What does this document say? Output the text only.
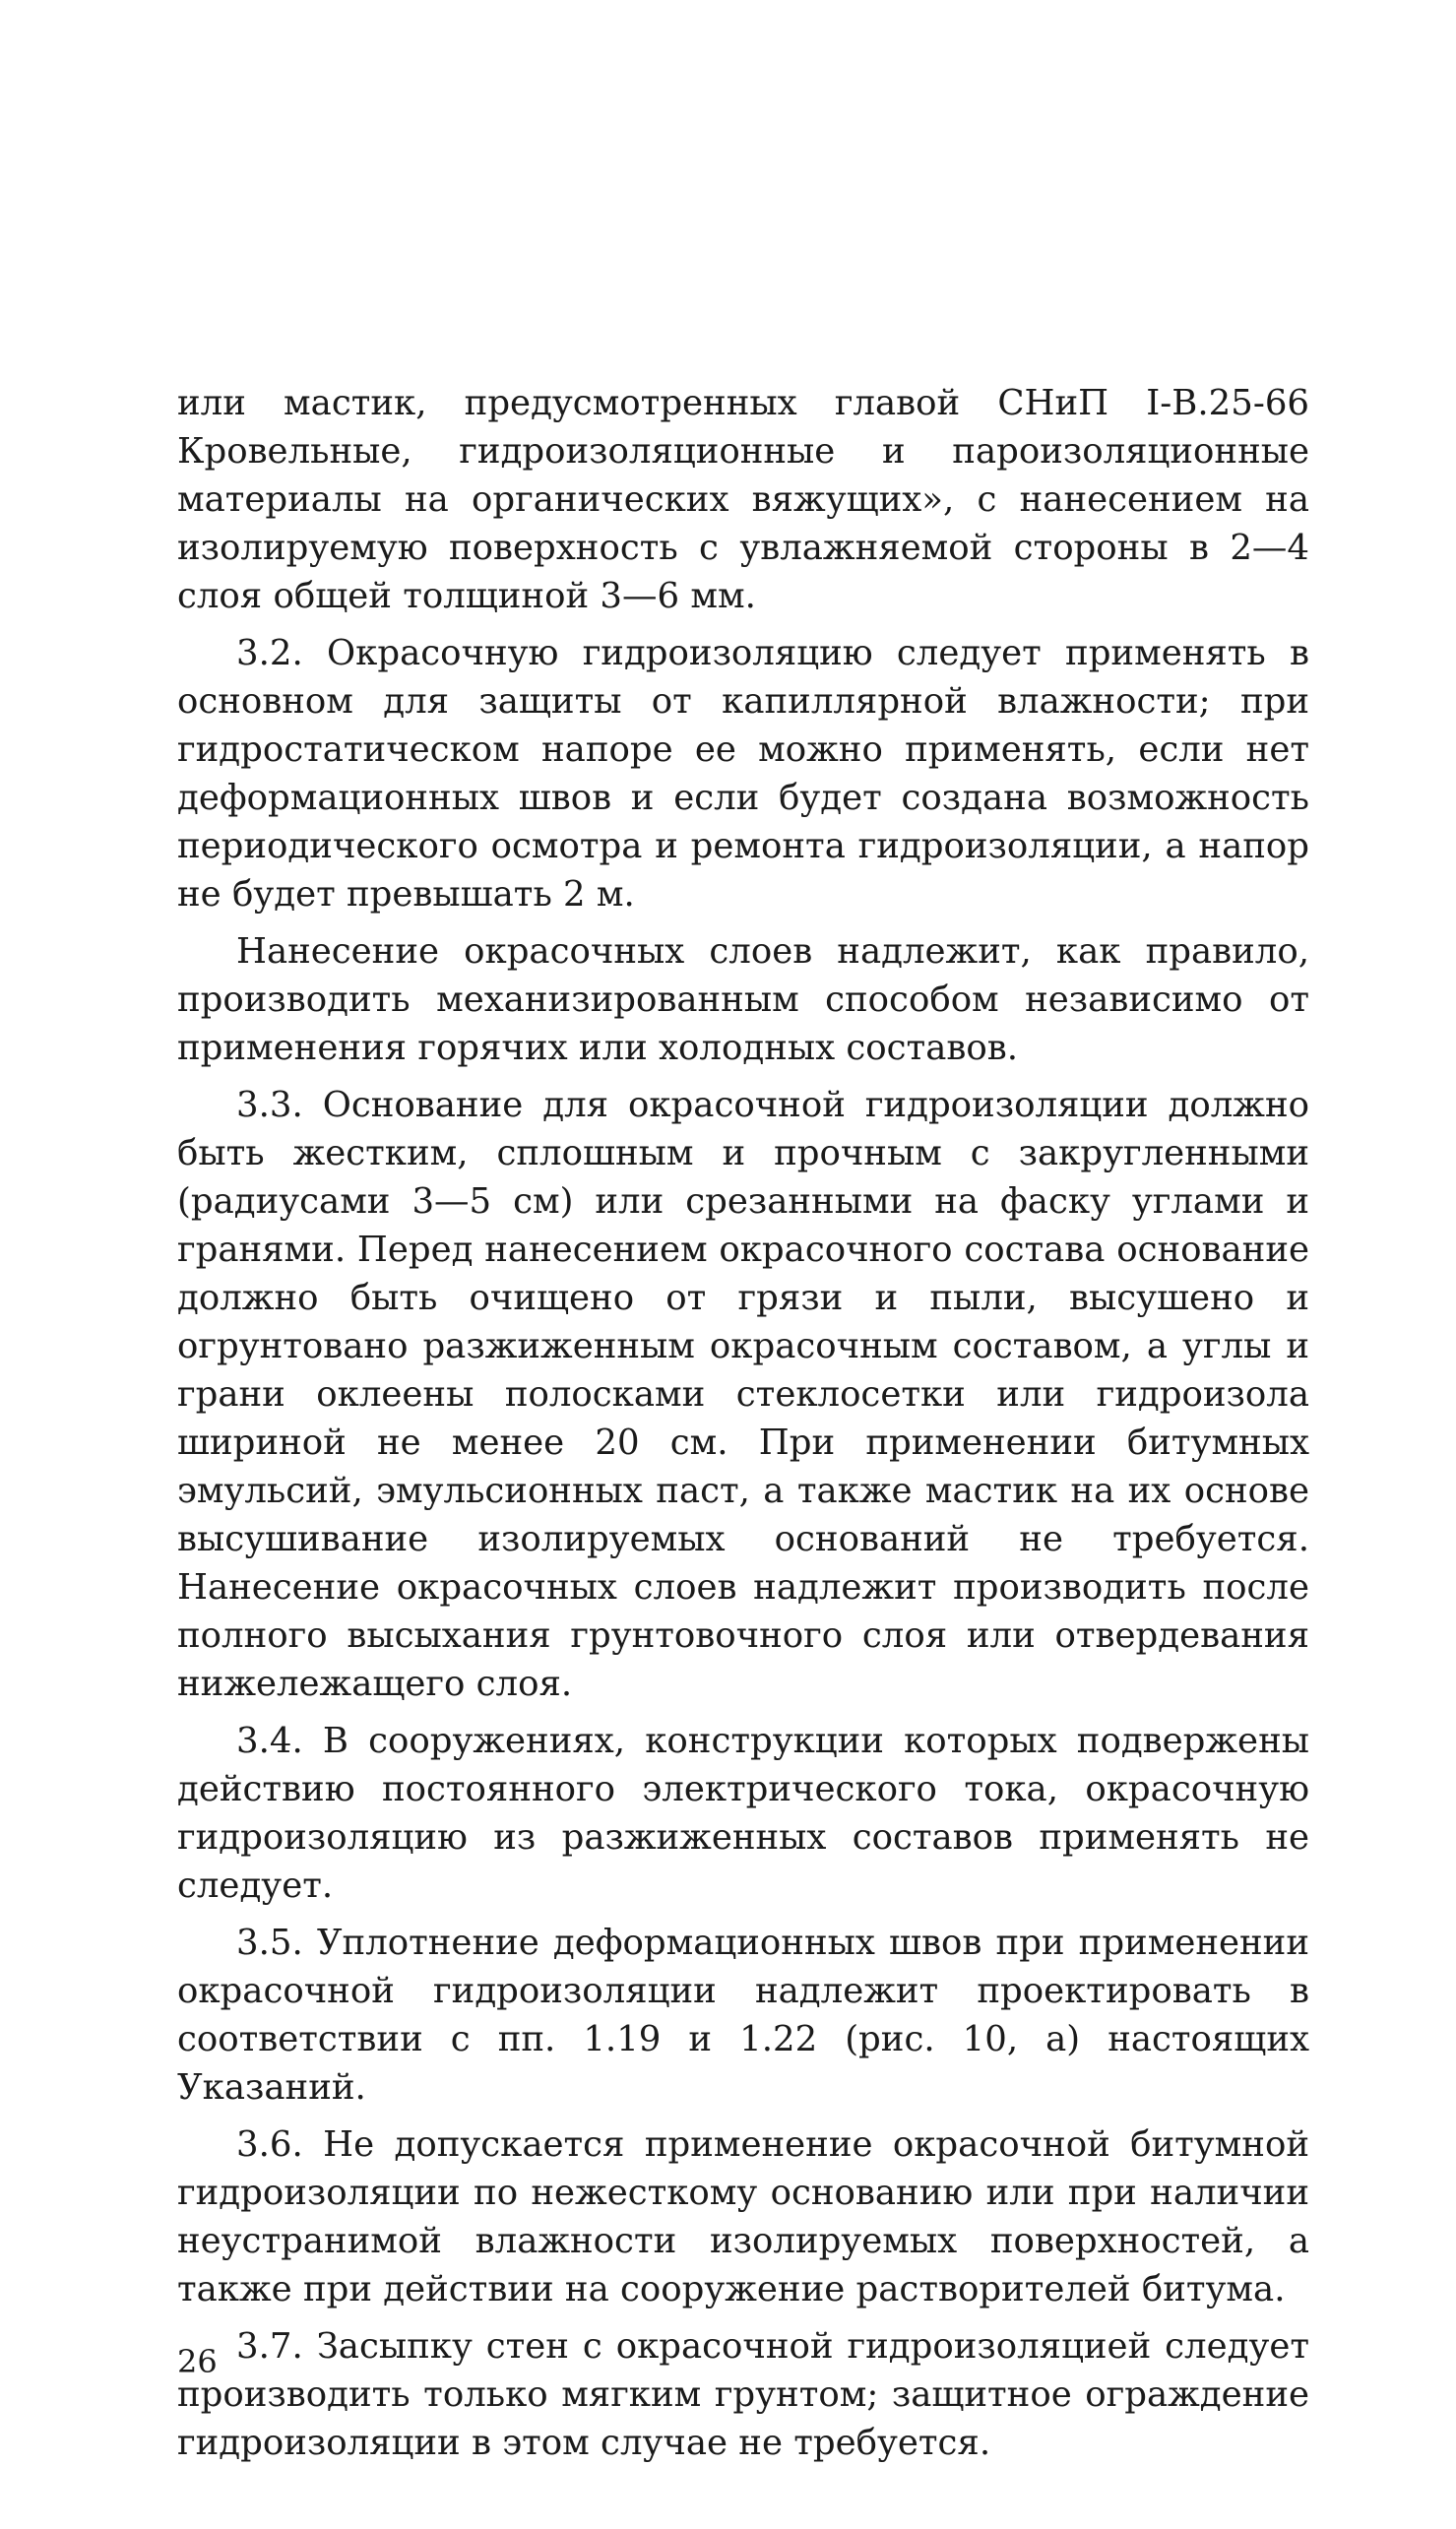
или мастик, предусмотренных главой СНиП I-В.25-66 Кровельные, гидроизоляционные и пароизоляционные материалы на органических вяжущих», с нанесением на изолируемую поверхность с увлажняемой стороны в 2—4 слоя общей толщиной 3—6 мм.

3.2. Окрасочную гидроизоляцию следует применять в основном для защиты от капиллярной влажности; при гидростатическом напоре ее можно применять, если нет деформационных швов и если будет создана возможность периодического осмотра и ремонта гидроизоляции, а напор не будет превышать 2 м.

Нанесение окрасочных слоев надлежит, как правило, производить механизированным способом независимо от применения горячих или холодных составов.

3.3. Основание для окрасочной гидроизоляции должно быть жестким, сплошным и прочным с закругленными (радиусами 3—5 см) или срезанными на фаску углами и гранями. Перед нанесением окрасочного состава основание должно быть очищено от грязи и пыли, высушено и огрунтовано разжиженным окрасочным составом, а углы и грани оклеены полосками стеклосетки или гидроизола шириной не менее 20 см. При применении битумных эмульсий, эмульсионных паст, а также мастик на их основе высушивание изолируемых оснований не требуется. Нанесение окрасочных слоев надлежит производить после полного высыхания грунтовочного слоя или отвердевания нижележащего слоя.

3.4. В сооружениях, конструкции которых подвержены действию постоянного электрического тока, окрасочную гидроизоляцию из разжиженных составов применять не следует.

3.5. Уплотнение деформационных швов при применении окрасочной гидроизоляции надлежит проектировать в соответствии с пп. 1.19 и 1.22 (рис. 10, а) настоящих Указаний.

3.6. Не допускается применение окрасочной битумной гидроизоляции по нежесткому основанию или при наличии неустранимой влажности изолируемых поверхностей, а также при действии на сооружение растворителей битума.

3.7. Засыпку стен с окрасочной гидроизоляцией следует производить только мягким грунтом; защитное ограждение гидроизоляции в этом случае не требуется.

26
